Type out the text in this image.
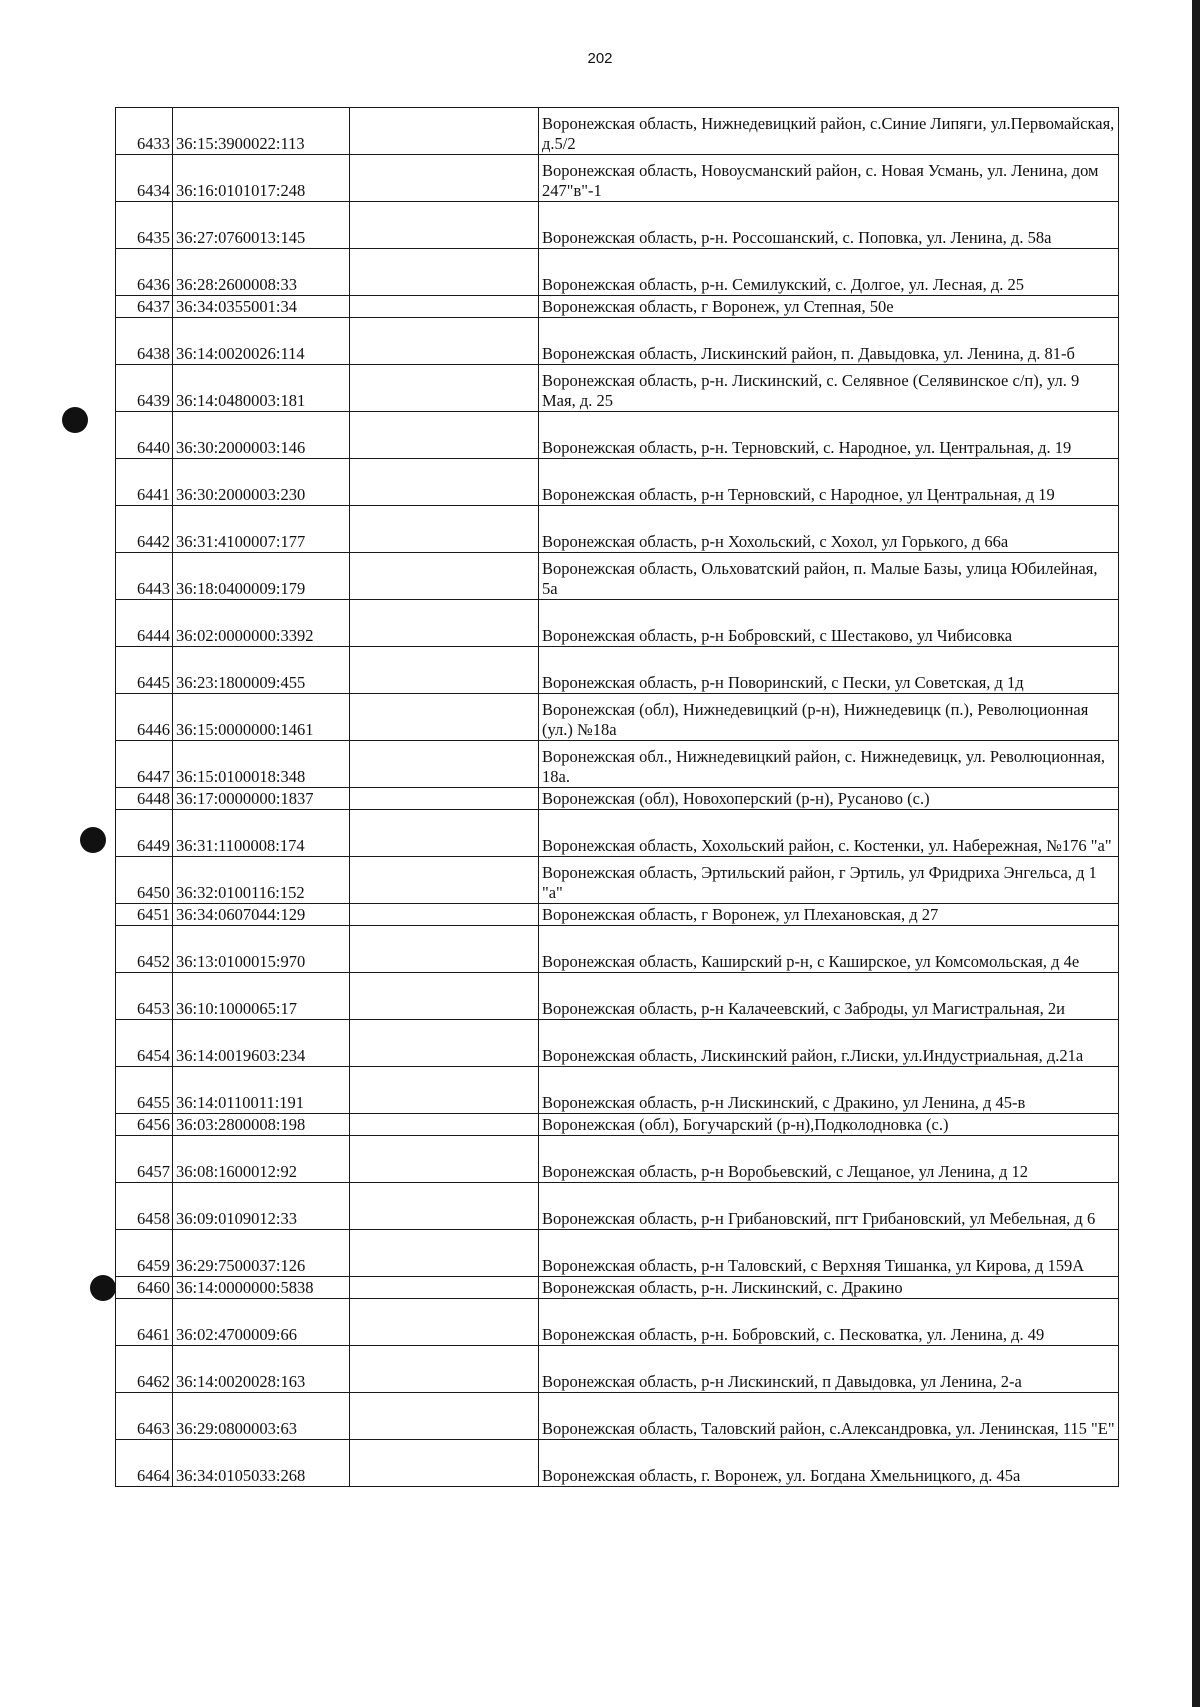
202
6433	36:15:3900022:113		Воронежская область, Нижнедевицкий район, с.Синие Липяги, ул.Первомайская, д.5/2
6434	36:16:0101017:248		Воронежская область, Новоусманский район, с. Новая Усмань, ул. Ленина, дом 247"в"-1
6435	36:27:0760013:145		Воронежская область, р-н. Россошанский, с. Поповка, ул. Ленина, д. 58а
6436	36:28:2600008:33		Воронежская область, р-н. Семилукский, с. Долгое, ул. Лесная, д. 25
6437	36:34:0355001:34		Воронежская область, г Воронеж, ул Степная, 50е
6438	36:14:0020026:114		Воронежская область, Лискинский район, п. Давыдовка, ул. Ленина, д. 81-б
6439	36:14:0480003:181		Воронежская область, р-н. Лискинский, с. Селявное (Селявинское с/п), ул. 9 Мая, д. 25
6440	36:30:2000003:146		Воронежская область, р-н. Терновский, с. Народное, ул. Центральная, д. 19
6441	36:30:2000003:230		Воронежская область, р-н Терновский, с Народное, ул Центральная, д 19
6442	36:31:4100007:177		Воронежская область, р-н Хохольский, с Хохол, ул Горького, д 66а
6443	36:18:0400009:179		Воронежская область, Ольховатский район, п. Малые Базы, улица Юбилейная, 5а
6444	36:02:0000000:3392		Воронежская область, р-н Бобровский, с Шестаково, ул Чибисовка
6445	36:23:1800009:455		Воронежская область, р-н Поворинский, с Пески, ул Советская, д 1д
6446	36:15:0000000:1461		Воронежская (обл), Нижнедевицкий (р-н), Нижнедевицк (п.), Революционная (ул.) №18а
6447	36:15:0100018:348		Воронежская обл., Нижнедевицкий район, с. Нижнедевицк, ул. Революционная, 18а.
6448	36:17:0000000:1837		Воронежская (обл), Новохоперский (р-н), Русаново (с.)
6449	36:31:1100008:174		Воронежская область, Хохольский район, с. Костенки, ул. Набережная, №176 "а"
6450	36:32:0100116:152		Воронежская область, Эртильский район, г Эртиль, ул Фридриха Энгельса, д 1 "а"
6451	36:34:0607044:129		Воронежская область, г Воронеж, ул Плехановская, д 27
6452	36:13:0100015:970		Воронежская область, Каширский р-н, с Каширское, ул Комсомольская, д 4е
6453	36:10:1000065:17		Воронежская область, р-н Калачеевский, с Заброды, ул Магистральная, 2и
6454	36:14:0019603:234		Воронежская область, Лискинский район, г.Лиски, ул.Индустриальная, д.21а
6455	36:14:0110011:191		Воронежская область, р-н Лискинский, с Дракино, ул Ленина, д 45-в
6456	36:03:2800008:198		Воронежская (обл), Богучарский (р-н),Подколодновка (с.)
6457	36:08:1600012:92		Воронежская область, р-н Воробьевский, с Лещаное, ул Ленина, д 12
6458	36:09:0109012:33		Воронежская область, р-н Грибановский, пгт Грибановский, ул Мебельная, д 6
6459	36:29:7500037:126		Воронежская область, р-н Таловский, с Верхняя Тишанка, ул Кирова, д 159А
6460	36:14:0000000:5838		Воронежская область, р-н. Лискинский, с. Дракино
6461	36:02:4700009:66		Воронежская область, р-н. Бобровский, с. Песковатка, ул. Ленина, д. 49
6462	36:14:0020028:163		Воронежская область, р-н Лискинский, п Давыдовка, ул Ленина, 2-а
6463	36:29:0800003:63		Воронежская область, Таловский район, с.Александровка, ул. Ленинская, 115 "Е"
6464	36:34:0105033:268		Воронежская область, г. Воронеж, ул. Богдана Хмельницкого, д. 45а
